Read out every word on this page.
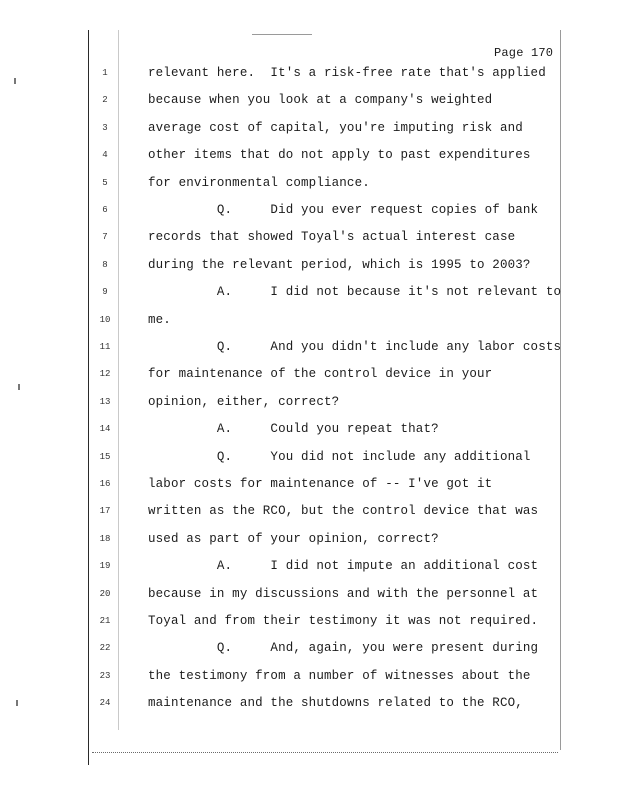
Page 170
1	relevant here.  It's a risk-free rate that's applied
2	because when you look at a company's weighted
3	average cost of capital, you're imputing risk and
4	other items that do not apply to past expenditures
5	for environmental compliance.
6	Q.     Did you ever request copies of bank
7	records that showed Toyal's actual interest case
8	during the relevant period, which is 1995 to 2003?
9	A.     I did not because it's not relevant to
10	me.
11	Q.     And you didn't include any labor costs
12	for maintenance of the control device in your
13	opinion, either, correct?
14	A.     Could you repeat that?
15	Q.     You did not include any additional
16	labor costs for maintenance of -- I've got it
17	written as the RCO, but the control device that was
18	used as part of your opinion, correct?
19	A.     I did not impute an additional cost
20	because in my discussions and with the personnel at
21	Toyal and from their testimony it was not required.
22	Q.     And, again, you were present during
23	the testimony from a number of witnesses about the
24	maintenance and the shutdowns related to the RCO,
